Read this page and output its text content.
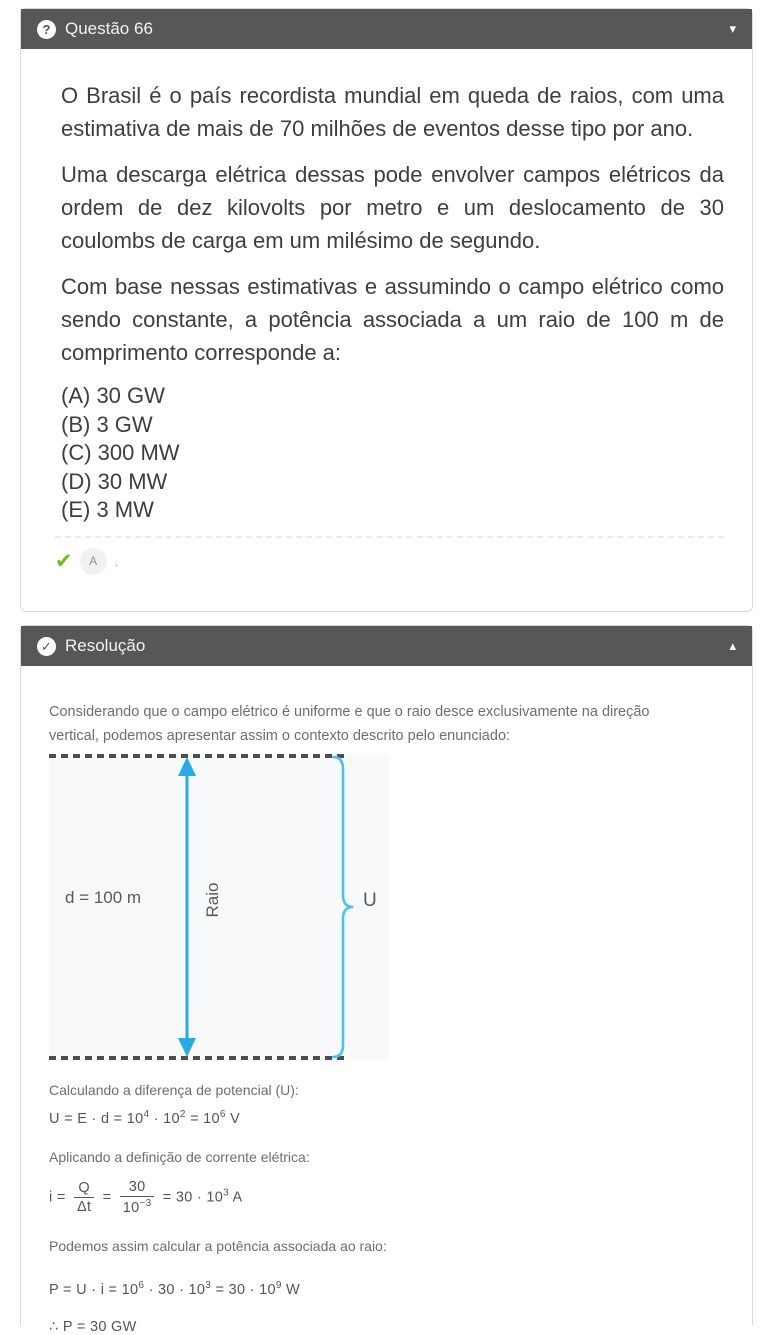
? Questão 66	▾

O Brasil é o país recordista mundial em queda de raios, com uma estimativa de mais de 70 milhões de eventos desse tipo por ano.

Uma descarga elétrica dessas pode envolver campos elétricos da ordem de dez kilovolts por metro e um deslocamento de 30 coulombs de carga em um milésimo de segundo.

Com base nessas estimativas e assumindo o campo elétrico como sendo constante, a potência associada a um raio de 100 m de comprimento corresponde a:

(A) 30 GW
(B) 3 GW
(C) 300 MW
(D) 30 MW
(E) 3 MW
✔	A	.
✓ Resolução	▴

Considerando que o campo elétrico é uniforme e que o raio desce exclusivamente na direção vertical, podemos apresentar assim o contexto descrito pelo enunciado:

d = 100 m	Raio	U

Calculando a diferença de potencial (U):

$U = E \cdot d = 10^4 \cdot 10^2 = 10^6$ V

Aplicando a definição de corrente elétrica:

$i = \frac{Q}{\Delta t} = \frac{30}{10^{-3}} = 30 \cdot 10^3$ A

Podemos assim calcular a potência associada ao raio:

$P = U \cdot i = 10^6 \cdot 30 \cdot 10^3 = 30 \cdot 10^9$ W
∴ P = 30 GW
